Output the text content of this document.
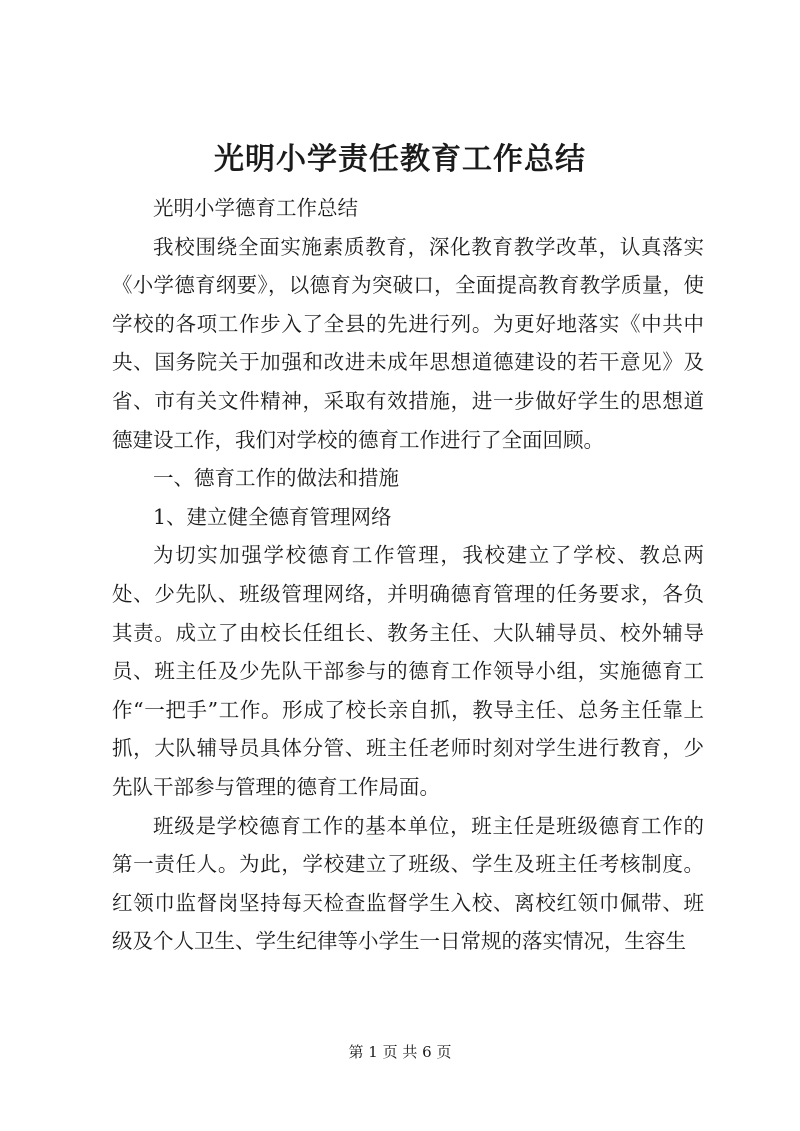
光明小学责任教育工作总结

光明小学德育工作总结

我校围绕全面实施素质教育，深化教育教学改革，认真落实《小学德育纲要》，以德育为突破口，全面提高教育教学质量，使学校的各项工作步入了全县的先进行列。为更好地落实《中共中央、国务院关于加强和改进未成年思想道德建设的若干意见》及省、市有关文件精神，采取有效措施，进一步做好学生的思想道德建设工作，我们对学校的德育工作进行了全面回顾。

一、德育工作的做法和措施

1、建立健全德育管理网络

为切实加强学校德育工作管理，我校建立了学校、教总两处、少先队、班级管理网络，并明确德育管理的任务要求，各负其责。成立了由校长任组长、教务主任、大队辅导员、校外辅导员、班主任及少先队干部参与的德育工作领导小组，实施德育工作“一把手”工作。形成了校长亲自抓，教导主任、总务主任靠上抓，大队辅导员具体分管、班主任老师时刻对学生进行教育，少先队干部参与管理的德育工作局面。

班级是学校德育工作的基本单位，班主任是班级德育工作的第一责任人。为此，学校建立了班级、学生及班主任考核制度。红领巾监督岗坚持每天检查监督学生入校、离校红领巾佩带、班级及个人卫生、学生纪律等小学生一日常规的落实情况，生容生

第 1 页 共 6 页
